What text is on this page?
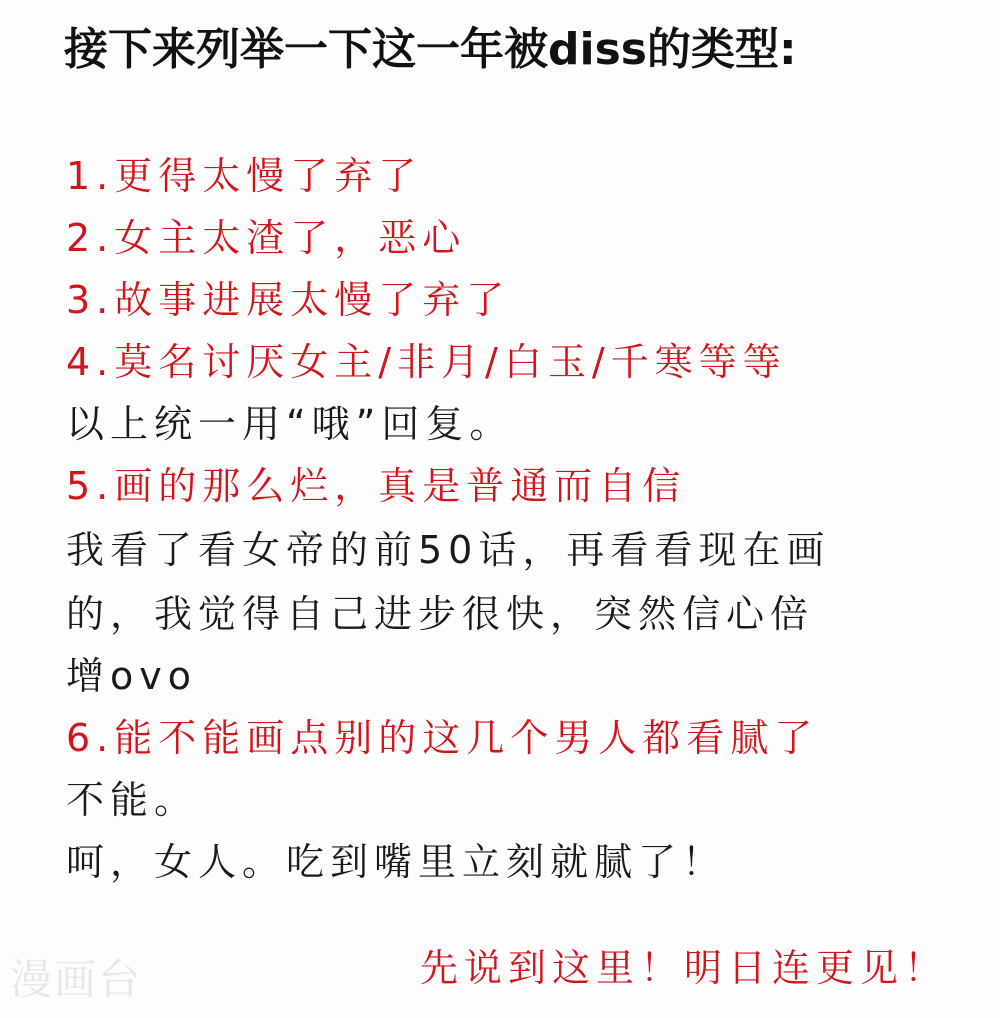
接下来列举一下这一年被diss的类型:
1.更得太慢了弃了
2.女主太渣了，恶心
3.故事进展太慢了弃了
4.莫名讨厌女主/非月/白玉/千寒等等
以上统一用“哦”回复。
5.画的那么烂，真是普通而自信
我看了看女帝的前50话，再看看现在画
的，我觉得自己进步很快，突然信心倍
增ovo
6.能不能画点别的这几个男人都看腻了
不能。
呵，女人。吃到嘴里立刻就腻了！
漫画台	先说到这里！明日连更见！
